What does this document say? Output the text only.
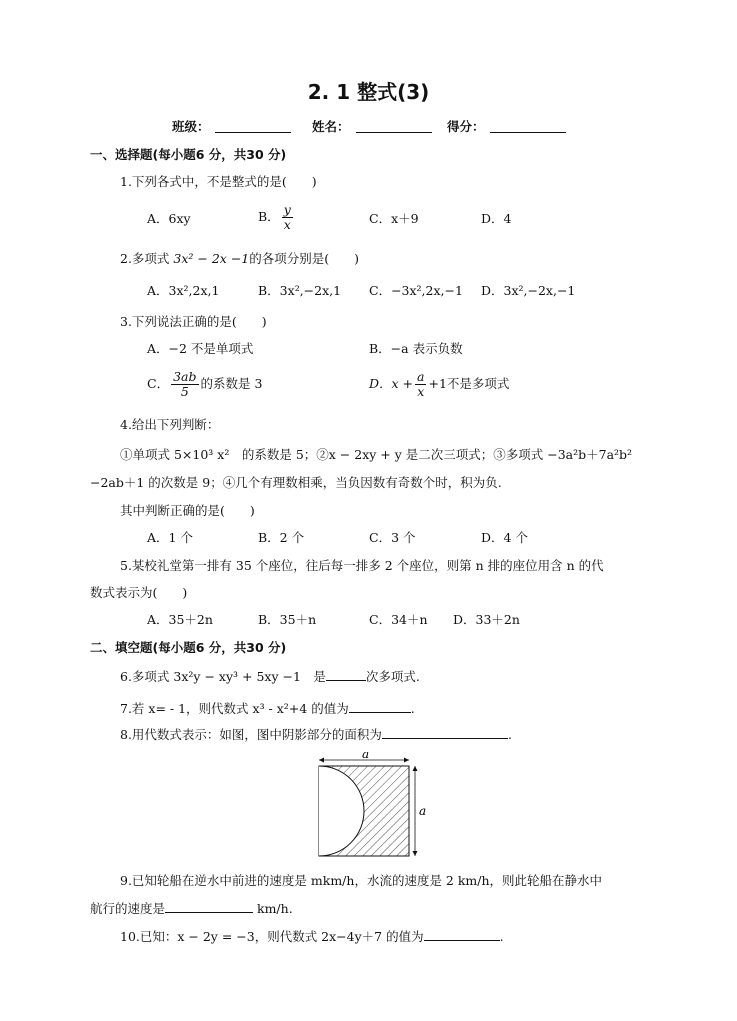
2. 1 整式(3)
班级：	姓名：	得分：
一、选择题(每小题6 分，共30 分)
1.下列各式中，不是整式的是(　　)
A．6xy	B． $\frac{y}{x}$	C．x＋9	D．4
2.多项式 3x² − 2x −1的各项分别是(　　)
A．3x²,2x,1	B．3x²,−2x,1 C．−3x²,2x,−1 D．3x²,−2x,−1
3.下列说法正确的是(　　)
A．−2 不是单项式	B．−a 表示负数
C． $\frac{3ab}{5}$ 的系数是 3	D．$x + \frac{a}{x} +1$不是多项式
4.给出下列判断：
①单项式 5×10³ x²　的系数是 5；②x − 2xy + y 是二次三项式；③多项式 −3a²b＋7a²b²
−2ab＋1 的次数是 9；④几个有理数相乘，当负因数有奇数个时，积为负.
其中判断正确的是(　　)
A．1 个	B．2 个	C．3 个	D．4 个
5.某校礼堂第一排有 35 个座位，往后每一排多 2 个座位，则第 n 排的座位用含 n 的代
数式表示为(　　)
A．35＋2n	B．35＋n	C．34＋n D．33＋2n
二、填空题(每小题6 分，共30 分)
6.多项式 3x²y − xy³ + 5xy −1　是	次多项式.
7.若 x= - 1，则代数式 x³ - x²+4 的值为	.
8.用代数式表示：如图，图中阴影部分的面积为	.
a
a
9.已知轮船在逆水中前进的速度是 mkm/h，水流的速度是 2 km/h，则此轮船在静水中
航行的速度是	km/h.
10.已知：x − 2y = −3，则代数式 2x−4y＋7 的值为	.
